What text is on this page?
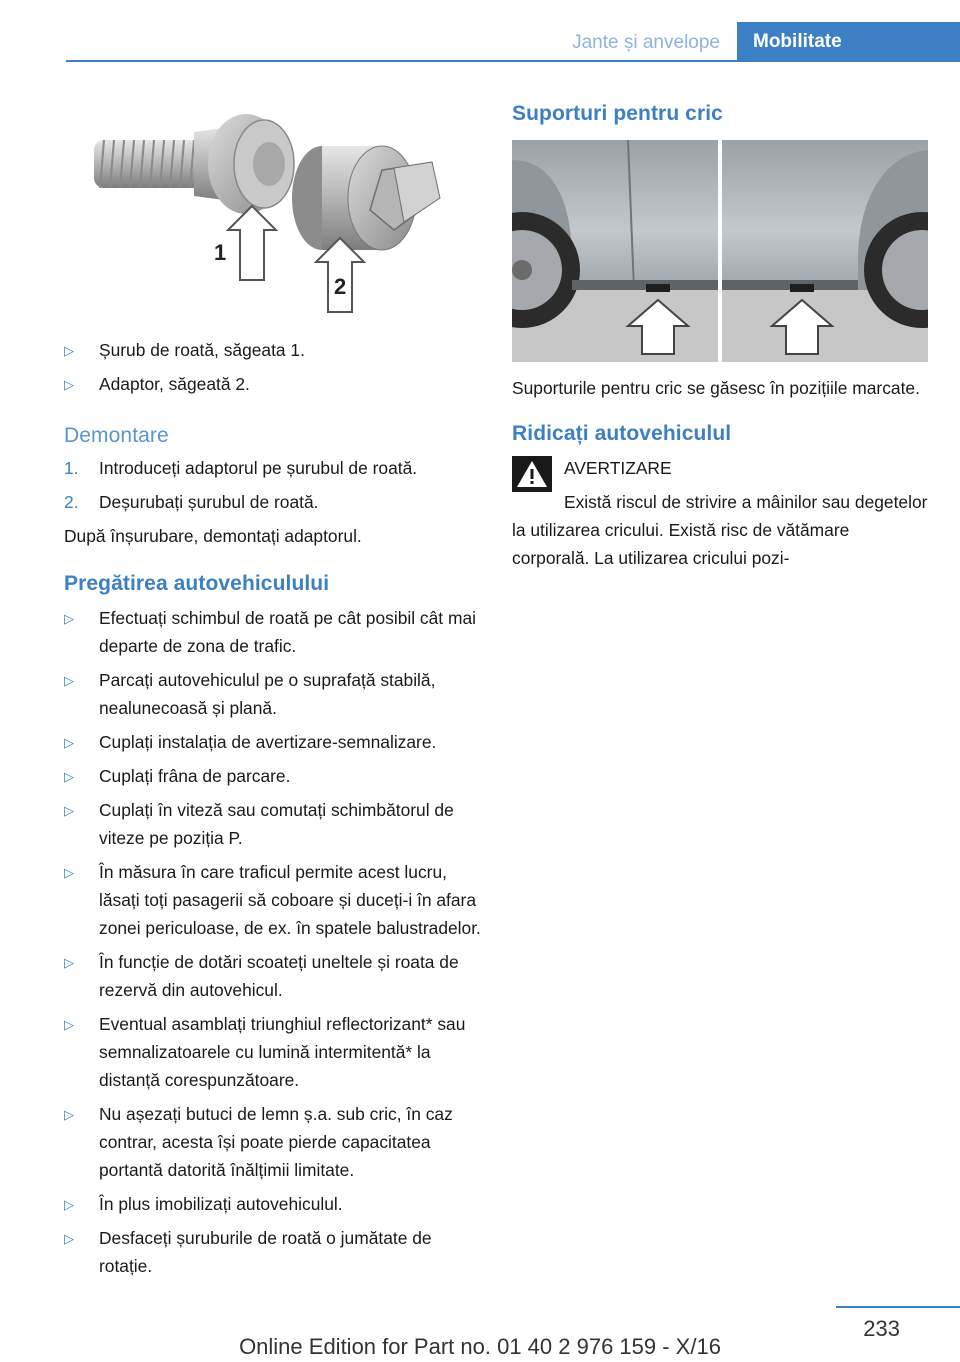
Jante și anvelope	Mobilitate
1
2
▷ Șurub de roată, săgeata 1.
▷ Adaptor, săgeată 2.
Demontare
1. Introduceți adaptorul pe șurubul de roată.
2. Deșurubați șurubul de roată.

După înșurubare, demontați adaptorul.

Pregătirea autovehiculului
▷ Efectuați schimbul de roată pe cât posibil cât mai departe de zona de trafic.
▷ Parcați autovehiculul pe o suprafață stabilă, nealunecoasă și plană.
▷ Cuplați instalația de avertizare-semnalizare.
▷ Cuplați frâna de parcare.
▷ Cuplați în viteză sau comutați schimbătorul de viteze pe poziția P.
▷ În măsura în care traficul permite acest lucru, lăsați toți pasagerii să coboare și duceți-i în afara zonei periculoase, de ex. în spatele balustradelor.
▷ În funcție de dotări scoateți uneltele și roata de rezervă din autovehicul.
▷ Eventual asamblați triunghiul reflectorizant* sau semnalizatoarele cu lumină intermitentă* la distanță corespunzătoare.
▷ Nu așezați butuci de lemn ș.a. sub cric, în caz contrar, acesta își poate pierde capacitatea portantă datorită înălțimii limitate.
▷ În plus imobilizați autovehiculul.
▷ Desfaceți șuruburile de roată o jumătate de rotație.
Suporturi pentru cric

Suporturile pentru cric se găsesc în pozițiile marcate.

Ridicați autovehiculul

AVERTIZARE

Există riscul de strivire a mâinilor sau degetelor la utilizarea cricului. Există risc de vătămare corporală. La utilizarea cricului pozi-

233
Online Edition for Part no. 01 40 2 976 159 - X/16
